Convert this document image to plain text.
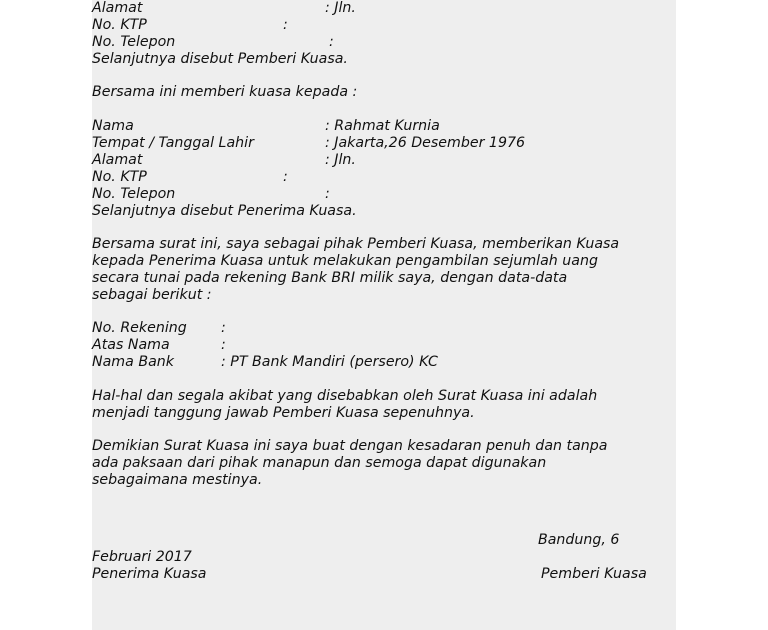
Alamat	: Jln.
No. KTP	:
No. Telepon	:
Selanjutnya disebut Pemberi Kuasa.
Bersama ini memberi kuasa kepada :
Nama	: Rahmat Kurnia
Tempat / Tanggal Lahir	: Jakarta,26 Desember 1976
Alamat	: Jln.
No. KTP	:
No. Telepon	:
Selanjutnya disebut Penerima Kuasa.
Bersama surat ini, saya sebagai pihak Pemberi Kuasa, memberikan Kuasa
kepada Penerima Kuasa untuk melakukan pengambilan sejumlah uang
secara tunai pada rekening Bank BRI milik saya, dengan data-data
sebagai berikut :
No. Rekening :
Atas Nama	:
Nama Bank	: PT Bank Mandiri (persero) KC
Hal-hal dan segala akibat yang disebabkan oleh Surat Kuasa ini adalah
menjadi tanggung jawab Pemberi Kuasa sepenuhnya.
Demikian Surat Kuasa ini saya buat dengan kesadaran penuh dan tanpa
ada paksaan dari pihak manapun dan semoga dapat digunakan
sebagaimana mestinya.
Bandung, 6
Februari 2017
Penerima Kuasa	Pemberi Kuasa
